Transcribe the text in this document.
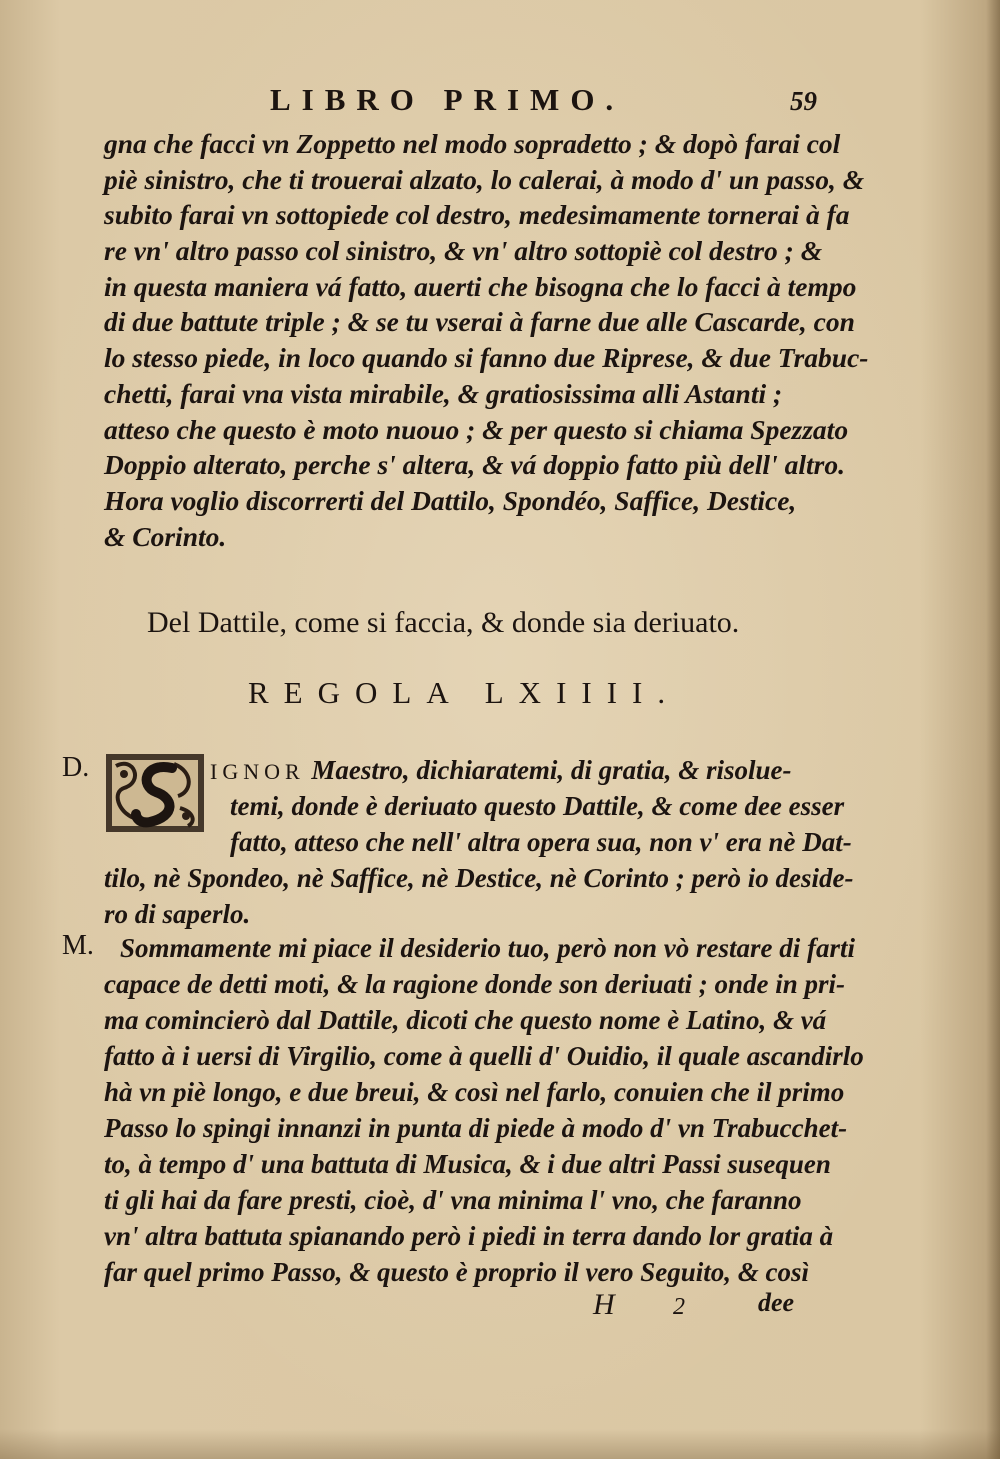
LIBRO PRIMO.	59
gna che facci vn Zoppetto nel modo sopradetto ; & dopò farai col
piè sinistro, che ti trouerai alzato, lo calerai, à modo d' un passo, &
subito farai vn sottopiede col destro, medesimamente tornerai à fa
re vn' altro passo col sinistro, & vn' altro sottopiè col destro ; &
in questa maniera vá fatto, auerti che bisogna che lo facci à tempo
di due battute triple ; & se tu vserai à farne due alle Cascarde, con
lo stesso piede, in loco quando si fanno due Riprese, & due Trabuc-
chetti, farai vna vista mirabile, & gratiosissima alli Astanti ;
atteso che questo è moto nuouo ; & per questo si chiama Spezzato
Doppio alterato, perche s' altera, & vá doppio fatto più dell' altro.
Hora voglio discorrerti del Dattilo, Spondéo, Saffice, Destice,
& Corinto.
Del Dattile, come si faccia, & donde sia deriuato.
REGOLA LXIIII.
D.	IGNOR Maestro, dichiaratemi, di gratia, & risolue-
temi, donde è deriuato questo Dattile, & come dee esser
fatto, atteso che nell' altra opera sua, non v' era nè Dat-
tilo, nè Spondeo, nè Saffice, nè Destice, nè Corinto ; però io deside-
ro di saperlo.
M. Sommamente mi piace il desiderio tuo, però non vò restare di farti
capace de detti moti, & la ragione donde son deriuati ; onde in pri-
ma comincierò dal Dattile, dicoti che questo nome è Latino, & vá
fatto à i uersi di Virgilio, come à quelli d' Ouidio, il quale ascandirlo
hà vn piè longo, e due breui, & così nel farlo, conuien che il primo
Passo lo spingi innanzi in punta di piede à modo d' vn Trabucchet-
to, à tempo d' una battuta di Musica, & i due altri Passi susequen
ti gli hai da fare presti, cioè, d' vna minima l' vno, che faranno
vn' altra battuta spianando però i piedi in terra dando lor gratia à
far quel primo Passo, & questo è proprio il vero Seguito, & così
H 2	dee
